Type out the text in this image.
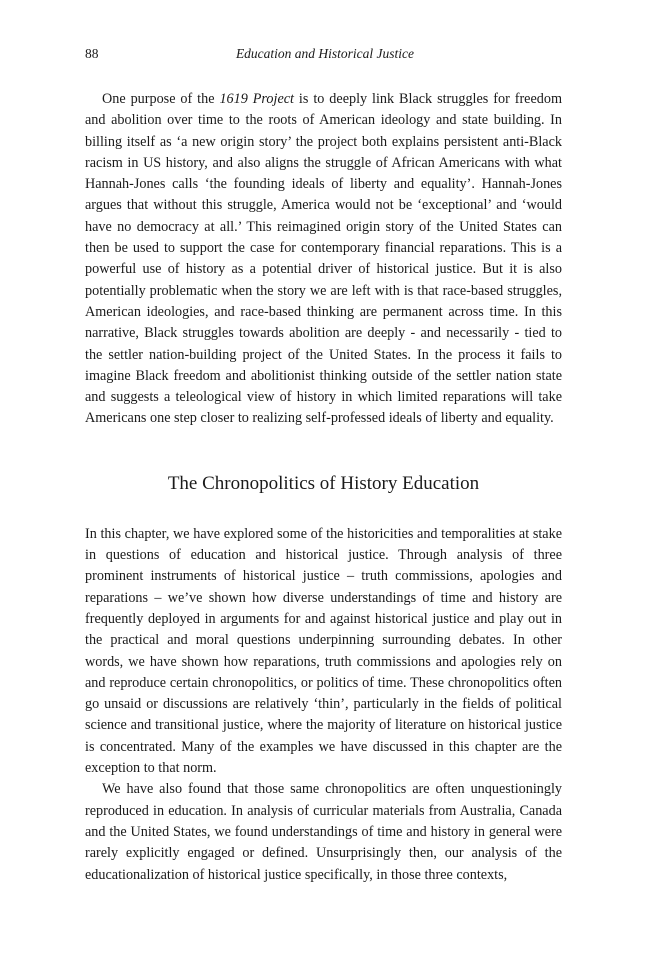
88	Education and Historical Justice

One purpose of the 1619 Project is to deeply link Black struggles for freedom and abolition over time to the roots of American ideology and state building. In billing itself as ‘a new origin story’ the project both explains persistent anti-Black racism in US history, and also aligns the struggle of African Americans with what Hannah-Jones calls ‘the founding ideals of liberty and equality’. Hannah-Jones argues that without this struggle, America would not be ‘exceptional’ and ‘would have no democracy at all.’ This reimagined origin story of the United States can then be used to support the case for contemporary financial reparations. This is a powerful use of history as a potential driver of historical justice. But it is also potentially problematic when the story we are left with is that race-based struggles, American ideologies, and race-based thinking are permanent across time. In this narrative, Black struggles towards abolition are deeply - and necessarily - tied to the settler nation-building project of the United States. In the process it fails to imagine Black freedom and abolitionist thinking outside of the settler nation state and suggests a teleological view of history in which limited reparations will take Americans one step closer to realizing self-professed ideals of liberty and equality.

The Chronopolitics of History Education

In this chapter, we have explored some of the historicities and temporalities at stake in questions of education and historical justice. Through analysis of three prominent instruments of historical justice – truth commissions, apologies and reparations – we’ve shown how diverse understandings of time and history are frequently deployed in arguments for and against historical justice and play out in the practical and moral questions underpinning surrounding debates. In other words, we have shown how reparations, truth commissions and apologies rely on and reproduce certain chronopolitics, or politics of time. These chronopolitics often go unsaid or discussions are relatively ‘thin’, particularly in the fields of political science and transitional justice, where the majority of literature on historical justice is concentrated. Many of the examples we have discussed in this chapter are the exception to that norm.

We have also found that those same chronopolitics are often unquestioningly reproduced in education. In analysis of curricular materials from Australia, Canada and the United States, we found understandings of time and history in general were rarely explicitly engaged or defined. Unsurprisingly then, our analysis of the educationalization of historical justice specifically, in those three contexts,
